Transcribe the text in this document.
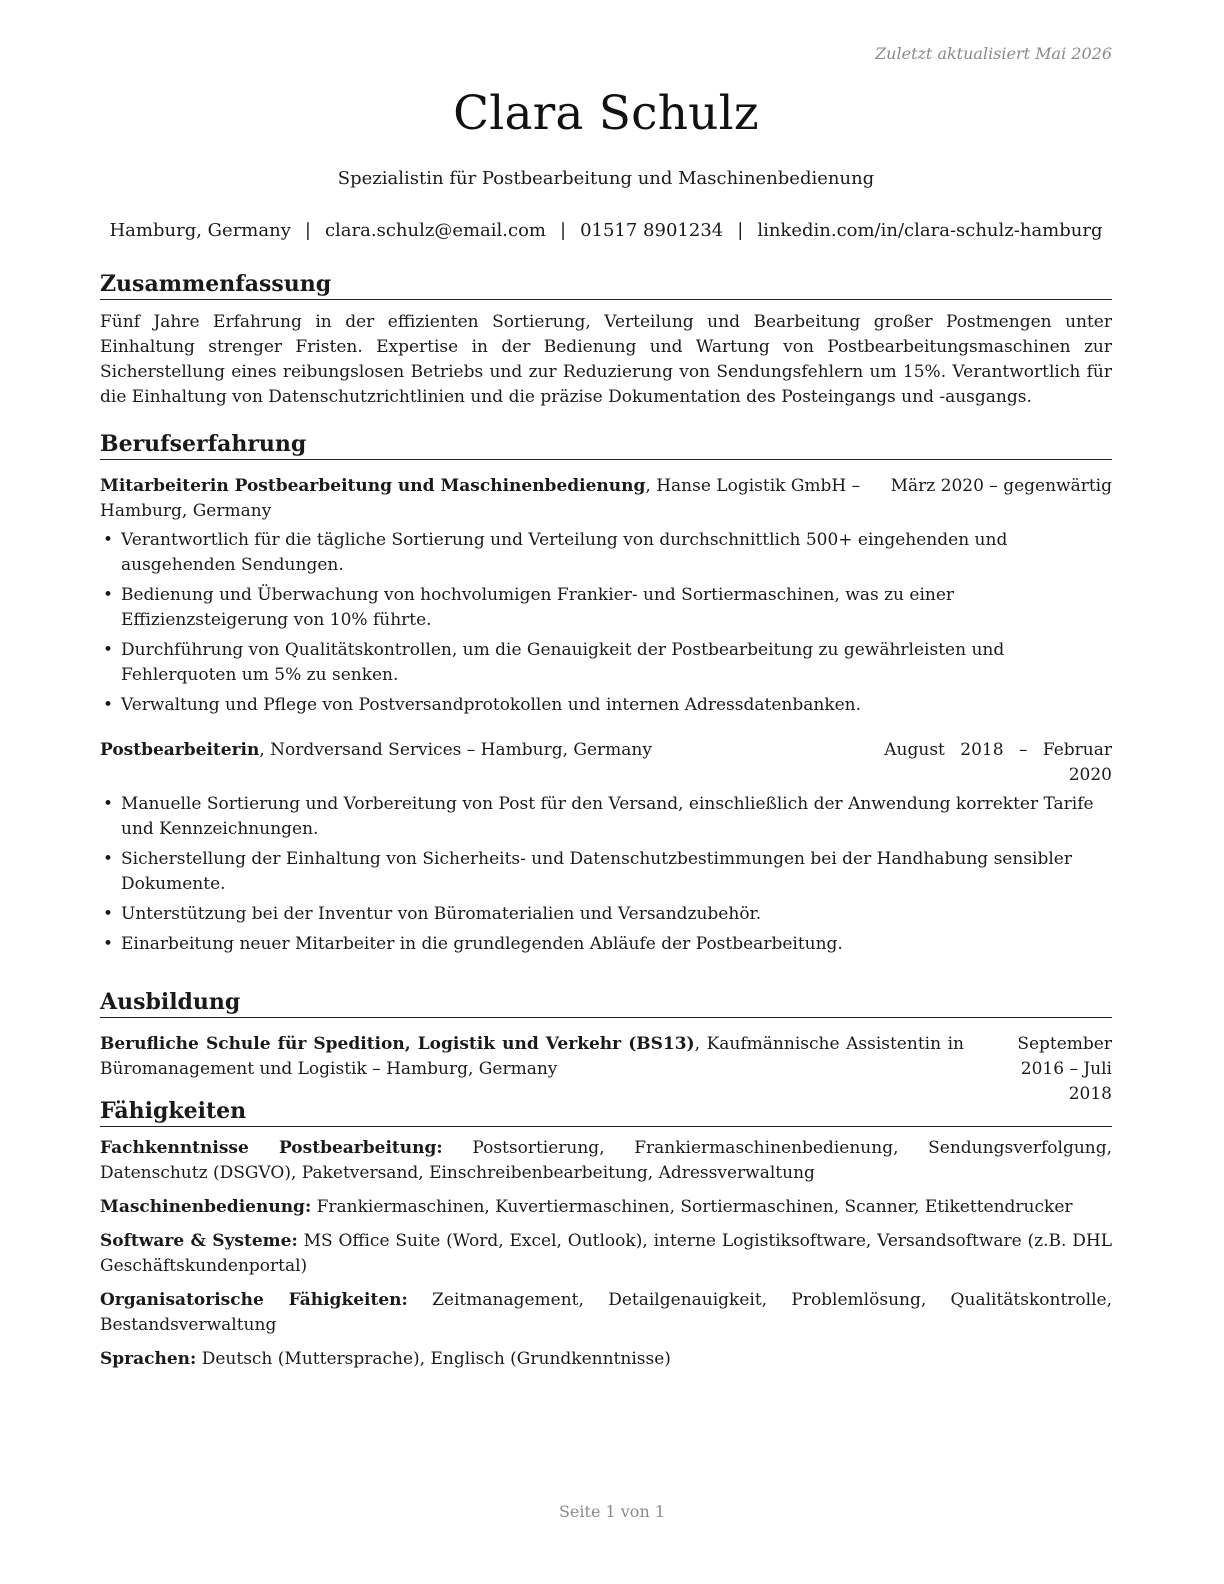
Zuletzt aktualisiert Mai 2026
Clara Schulz
Spezialistin für Postbearbeitung und Maschinenbedienung
Hamburg, Germany | clara.schulz@email.com | 01517 8901234 | linkedin.com/in/clara-schulz-hamburg
Zusammenfassung

Fünf Jahre Erfahrung in der effizienten Sortierung, Verteilung und Bearbeitung großer Postmengen unter Einhaltung strenger Fristen. Expertise in der Bedienung und Wartung von Postbearbeitungsmaschinen zur Sicherstellung eines reibungslosen Betriebs und zur Reduzierung von Sendungsfehlern um 15%. Verantwortlich für die Einhaltung von Datenschutzrichtlinien und die präzise Dokumentation des Posteingangs und -ausgangs.

Berufserfahrung
Mitarbeiterin Postbearbeitung und Maschinenbedienung, Hanse Logistik GmbH – März 2020 – gegenwärtig
Hamburg, Germany
• Verantwortlich für die tägliche Sortierung und Verteilung von durchschnittlich 500+ eingehenden und ausgehenden Sendungen.
• Bedienung und Überwachung von hochvolumigen Frankier- und Sortiermaschinen, was zu einer Effizienzsteigerung von 10% führte.
• Durchführung von Qualitätskontrollen, um die Genauigkeit der Postbearbeitung zu gewährleisten und Fehlerquoten um 5% zu senken.
• Verwaltung und Pflege von Postversandprotokollen und internen Adressdatenbanken.
Postbearbeiterin, Nordversand Services – Hamburg, Germany	August 2018 – Februar
2020
• Manuelle Sortierung und Vorbereitung von Post für den Versand, einschließlich der Anwendung korrekter Tarife und Kennzeichnungen.
• Sicherstellung der Einhaltung von Sicherheits- und Datenschutzbestimmungen bei der Handhabung sensibler Dokumente.
• Unterstützung bei der Inventur von Büromaterialien und Versandzubehör.
• Einarbeitung neuer Mitarbeiter in die grundlegenden Abläufe der Postbearbeitung.
Ausbildung
Berufliche Schule für Spedition, Logistik und Verkehr (BS13), Kaufmännische Assistentin in Büromanagement und Logistik – Hamburg, Germany
September 2016 – Juli
2018
Fähigkeiten

Fachkenntnisse Postbearbeitung: Postsortierung, Frankiermaschinenbedienung, Sendungsverfolgung, Datenschutz (DSGVO), Paketversand, Einschreibenbearbeitung, Adressverwaltung

Maschinenbedienung: Frankiermaschinen, Kuvertiermaschinen, Sortiermaschinen, Scanner, Etikettendrucker

Software & Systeme: MS Office Suite (Word, Excel, Outlook), interne Logistiksoftware, Versandsoftware (z.B. DHL Geschäftskundenportal)

Organisatorische Fähigkeiten: Zeitmanagement, Detailgenauigkeit, Problemlösung, Qualitätskontrolle, Bestandsverwaltung

Sprachen: Deutsch (Muttersprache), Englisch (Grundkenntnisse)

Seite 1 von 1
